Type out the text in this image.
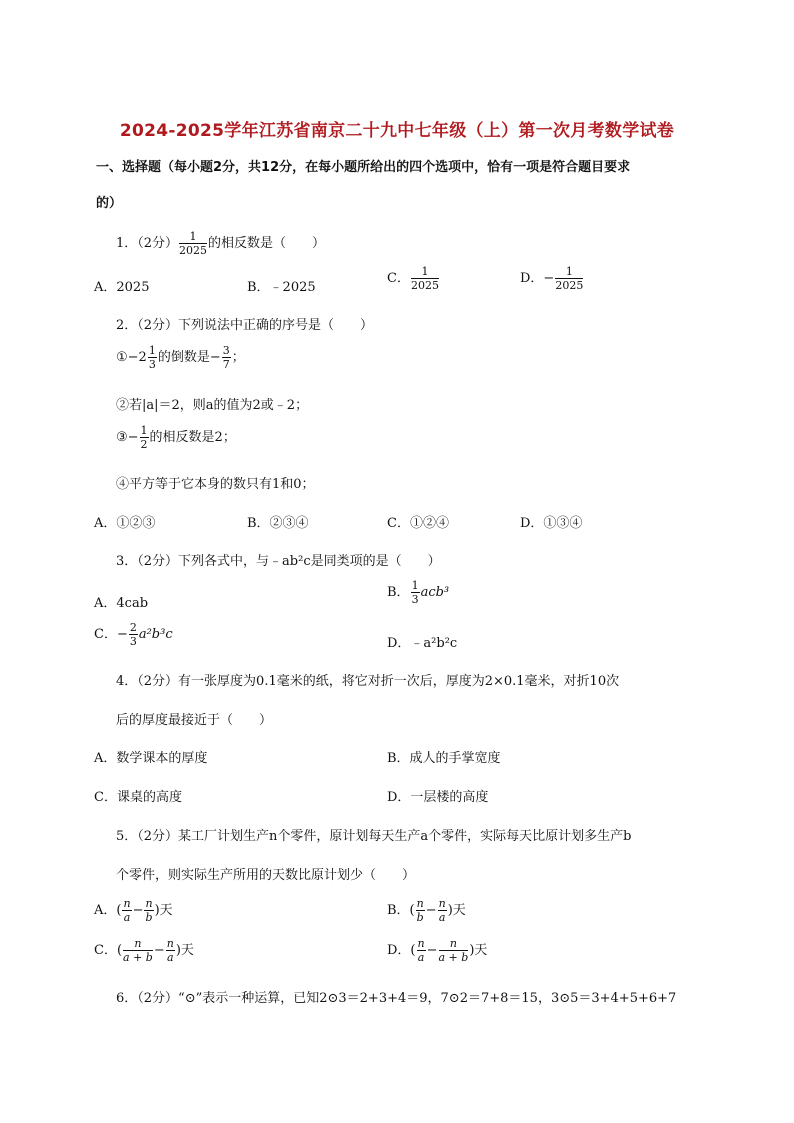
2024-2025学年江苏省南京二十九中七年级（上）第一次月考数学试卷
一、选择题（每小题2分，共12分，在每小题所给出的四个选项中，恰有一项是符合题目要求
的）
1．（2分） $\frac{1}{2025}$ 的相反数是（　　）
A．2025	B．﹣2025
C． $\frac{1}{2025}$	D．− $\frac{1}{2025}$
2．（2分）下列说法中正确的序号是（　　）
①−2 $\frac{1}{3}$ 的倒数是− $\frac{3}{7}$ ；
②若|a|＝2，则a的值为2或﹣2；
③− $\frac{1}{2}$ 的相反数是2；
④平方等于它本身的数只有1和0；
A．①②③	B．②③④	C．①②④	D．①③④
3．（2分）下列各式中，与﹣ab²c是同类项的是（　　）
A．4cab
B． $\frac{1}{3} acb^3$
C．− $\frac{2}{3} a^2b^3c$
D．﹣a²b²c
4．（2分）有一张厚度为0.1毫米的纸，将它对折一次后，厚度为2×0.1毫米，对折10次
后的厚度最接近于（　　）
A．数学课本的厚度	B．成人的手掌宽度
C．课桌的高度	D．一层楼的高度
5．（2分）某工厂计划生产n个零件，原计划每天生产a个零件，实际每天比原计划多生产b
个零件，则实际生产所用的天数比原计划少（　　）
A．( $\frac{n}{a} - \frac{n}{b}$ )天	B．( $\frac{n}{b} - \frac{n}{a}$ )天
C．( $\frac{n}{a + b} - \frac{n}{a}$ )天	D．( $\frac{n}{a} - \frac{n}{a + b}$ )天
6．（2分）“⊙”表示一种运算，已知2⊙3＝2+3+4＝9，7⊙2＝7+8＝15，3⊙5＝3+4+5+6+7
